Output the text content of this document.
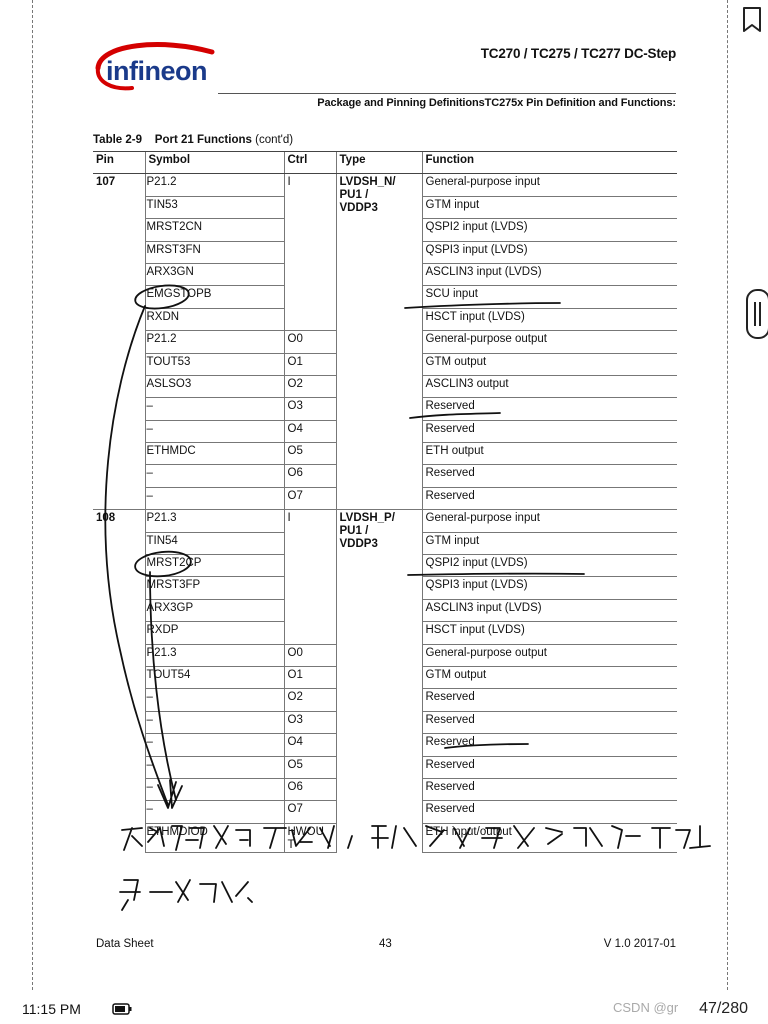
infineon
TC270 / TC275 / TC277 DC-Step
Package and Pinning DefinitionsTC275x Pin Definition and Functions:
Table 2-9 Port 21 Functions (cont'd)
Pin	Symbol	Ctrl	Type	Function
107	P21.2	I	LVDSH_N/
PU1 /
VDDP3	General-purpose input
	TIN53			GTM input
	MRST2CN			QSPI2 input (LVDS)
	MRST3FN			QSPI3 input (LVDS)
	ARX3GN			ASCLIN3 input (LVDS)
	EMGSTOPB			SCU input
	RXDN			HSCT input (LVDS)
	P21.2	O0		General-purpose output
	TOUT53	O1		GTM output
	ASLSO3	O2		ASCLIN3 output
	–	O3		Reserved
	–	O4		Reserved
	ETHMDC	O5		ETH output
	–	O6		Reserved
	–	O7		Reserved
108	P21.3	I	LVDSH_P/
PU1 /
VDDP3	General-purpose input
	TIN54			GTM input
	MRST2CP			QSPI2 input (LVDS)
	MRST3FP			QSPI3 input (LVDS)
	ARX3GP			ASCLIN3 input (LVDS)
	RXDP			HSCT input (LVDS)
	P21.3	O0		General-purpose output
	TOUT54	O1		GTM output
	–	O2		Reserved
	–	O3		Reserved
	–	O4		Reserved
	–	O5		Reserved
	–	O6		Reserved
	–	O7		Reserved
	ETHMDIOD	HWOU T		ETH input/output
Data Sheet	43	V 1.0 2017-01
11:15 PM	CSDN @gr 47/280
